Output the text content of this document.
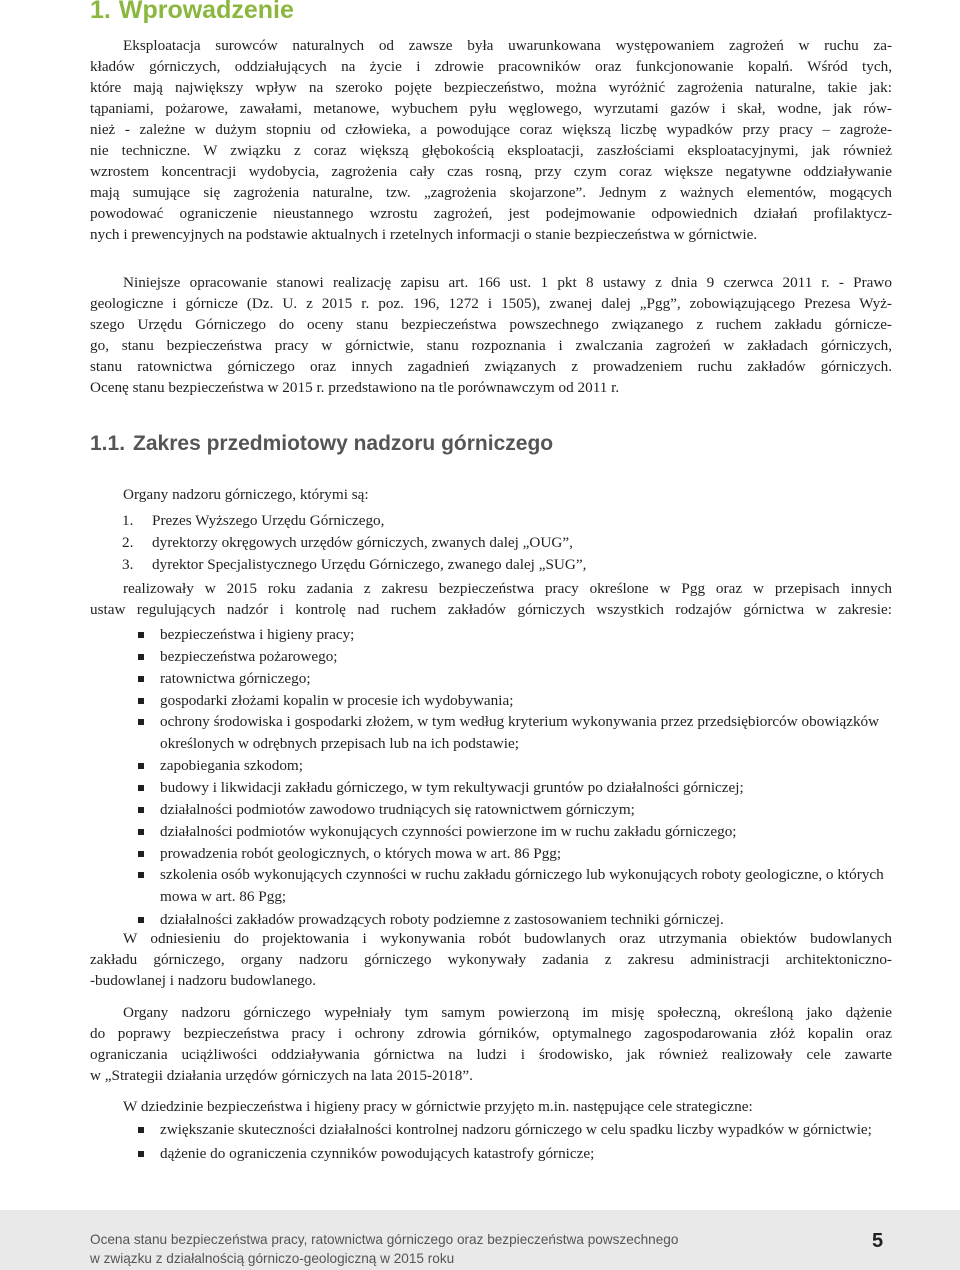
1. Wprowadzenie
Eksploatacja surowców naturalnych od zawsze była uwarunkowana występowaniem zagrożeń w ruchu za-
kładów górniczych, oddziałujących na życie i zdrowie pracowników oraz funkcjonowanie kopalń. Wśród tych,
które mają największy wpływ na szeroko pojęte bezpieczeństwo, można wyróżnić zagrożenia naturalne, takie jak:
tąpaniami, pożarowe, zawałami, metanowe, wybuchem pyłu węglowego, wyrzutami gazów i skał, wodne, jak rów-
nież - zależne w dużym stopniu od człowieka, a powodujące coraz większą liczbę wypadków przy pracy – zagroże-
nie techniczne. W związku z coraz większą głębokością eksploatacji, zaszłościami eksploatacyjnymi, jak również
wzrostem koncentracji wydobycia, zagrożenia cały czas rosną, przy czym coraz większe negatywne oddziaływanie
mają sumujące się zagrożenia naturalne, tzw. „zagrożenia skojarzone”. Jednym z ważnych elementów, mogących
powodować ograniczenie nieustannego wzrostu zagrożeń, jest podejmowanie odpowiednich działań profilaktycz-
nych i prewencyjnych na podstawie aktualnych i rzetelnych informacji o stanie bezpieczeństwa w górnictwie.
Niniejsze opracowanie stanowi realizację zapisu art. 166 ust. 1 pkt 8 ustawy z dnia 9 czerwca 2011 r. - Prawo
geologiczne i górnicze (Dz. U. z 2015 r. poz. 196, 1272 i 1505), zwanej dalej „Pgg”, zobowiązującego Prezesa Wyż-
szego Urzędu Górniczego do oceny stanu bezpieczeństwa powszechnego związanego z ruchem zakładu górnicze-
go, stanu bezpieczeństwa pracy w górnictwie, stanu rozpoznania i zwalczania zagrożeń w zakładach górniczych,
stanu ratownictwa górniczego oraz innych zagadnień związanych z prowadzeniem ruchu zakładów górniczych.
Ocenę stanu bezpieczeństwa w 2015 r. przedstawiono na tle porównawczym od 2011 r.
1.1. Zakres przedmiotowy nadzoru górniczego
Organy nadzoru górniczego, którymi są:
1. Prezes Wyższego Urzędu Górniczego,
2. dyrektorzy okręgowych urzędów górniczych, zwanych dalej „OUG”,
3. dyrektor Specjalistycznego Urzędu Górniczego, zwanego dalej „SUG”,
realizowały w 2015 roku zadania z zakresu bezpieczeństwa pracy określone w Pgg oraz w przepisach innych
ustaw regulujących nadzór i kontrolę nad ruchem zakładów górniczych wszystkich rodzajów górnictwa w zakresie:
bezpieczeństwa i higieny pracy;
bezpieczeństwa pożarowego;
ratownictwa górniczego;
gospodarki złożami kopalin w procesie ich wydobywania;
ochrony środowiska i gospodarki złożem, w tym według kryterium wykonywania przez przedsiębiorców obowiązków określonych w odrębnych przepisach lub na ich podstawie;
zapobiegania szkodom;
budowy i likwidacji zakładu górniczego, w tym rekultywacji gruntów po działalności górniczej;
działalności podmiotów zawodowo trudniących się ratownictwem górniczym;
działalności podmiotów wykonujących czynności powierzone im w ruchu zakładu górniczego;
prowadzenia robót geologicznych, o których mowa w art. 86 Pgg;
szkolenia osób wykonujących czynności w ruchu zakładu górniczego lub wykonujących roboty geologiczne, o których mowa w art. 86 Pgg;
działalności zakładów prowadzących roboty podziemne z zastosowaniem techniki górniczej.
W odniesieniu do projektowania i wykonywania robót budowlanych oraz utrzymania obiektów budowlanych
zakładu górniczego, organy nadzoru górniczego wykonywały zadania z zakresu administracji architektoniczno-
-budowlanej i nadzoru budowlanego.
Organy nadzoru górniczego wypełniały tym samym powierzoną im misję społeczną, określoną jako dążenie
do poprawy bezpieczeństwa pracy i ochrony zdrowia górników, optymalnego zagospodarowania złóż kopalin oraz
ograniczania uciążliwości oddziaływania górnictwa na ludzi i środowisko, jak również realizowały cele zawarte
w „Strategii działania urzędów górniczych na lata 2015-2018”.
W dziedzinie bezpieczeństwa i higieny pracy w górnictwie przyjęto m.in. następujące cele strategiczne:
zwiększanie skuteczności działalności kontrolnej nadzoru górniczego w celu spadku liczby wypadków w górnictwie;
dążenie do ograniczenia czynników powodujących katastrofy górnicze;
Ocena stanu bezpieczeństwa pracy, ratownictwa górniczego oraz bezpieczeństwa powszechnego
w związku z działalnością górniczo-geologiczną w 2015 roku
5
